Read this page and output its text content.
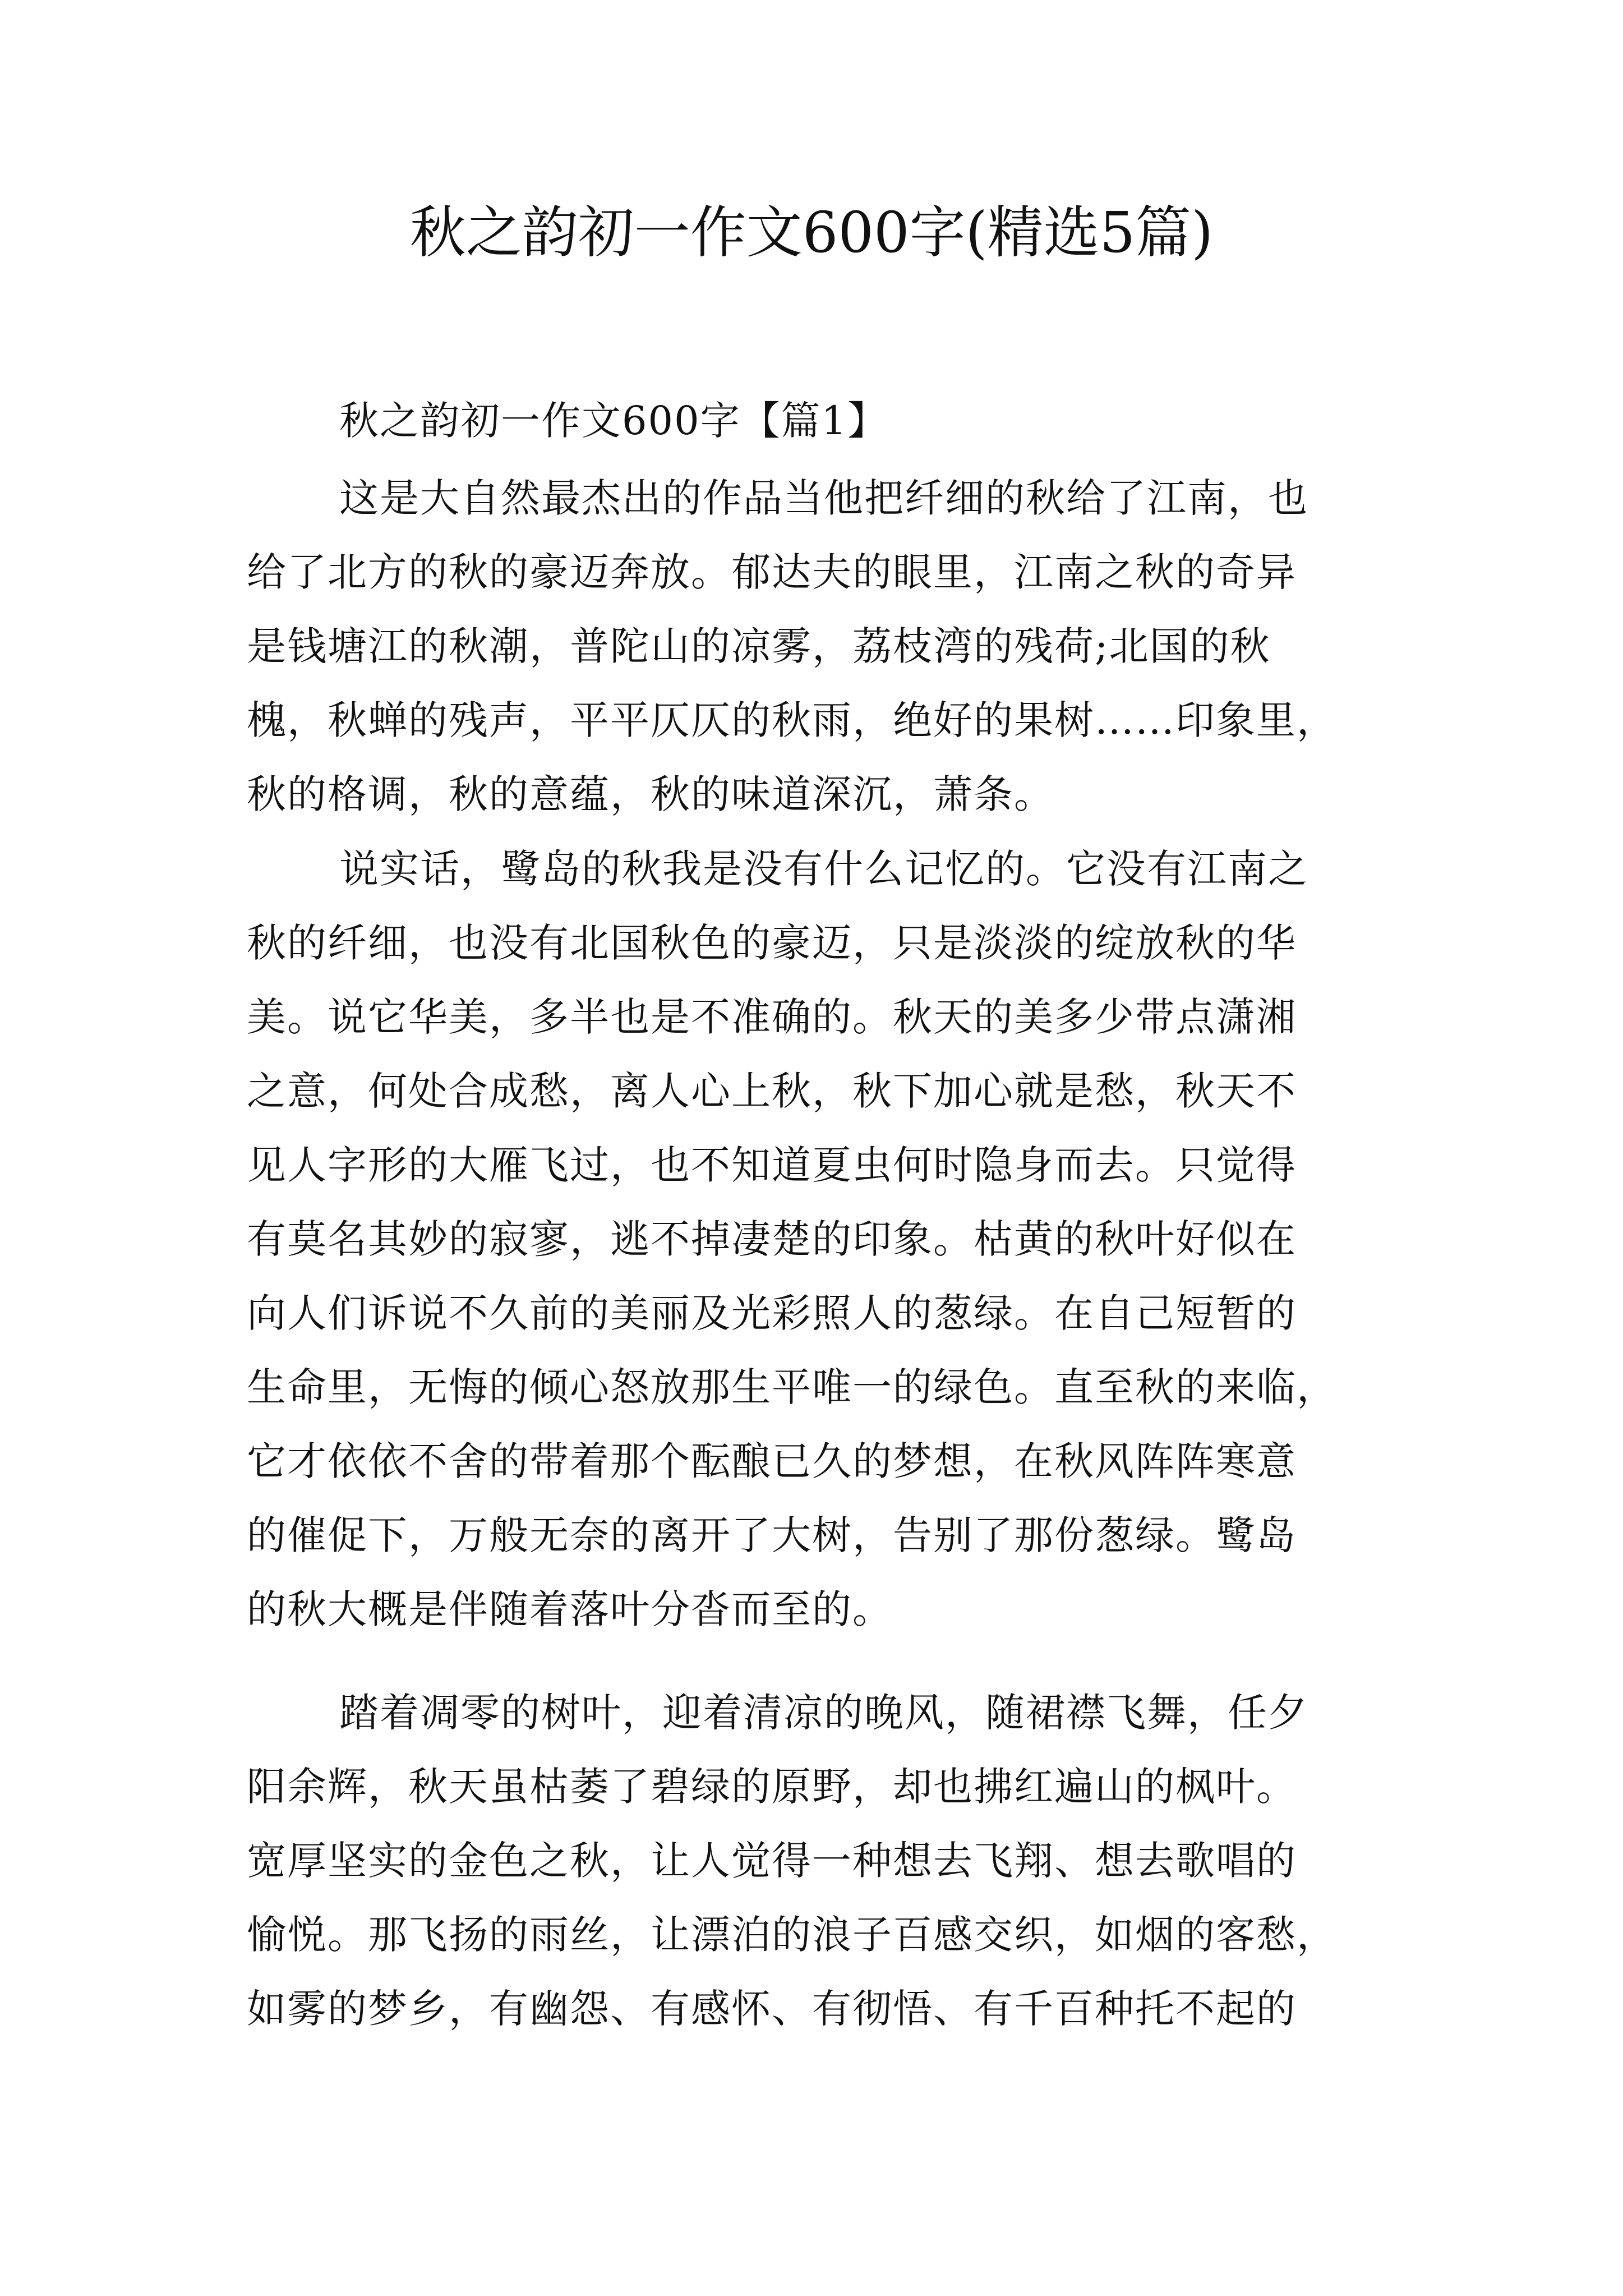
秋之韵初一作文600字(精选5篇)
秋之韵初一作文600字【篇1】
这是大自然最杰出的作品当他把纤细的秋给了江南，也
给了北方的秋的豪迈奔放。郁达夫的眼里，江南之秋的奇异
是钱塘江的秋潮，普陀山的凉雾，荔枝湾的残荷;北国的秋
槐，秋蝉的残声，平平仄仄的秋雨，绝好的果树……印象里，
秋的格调，秋的意蕴，秋的味道深沉，萧条。
说实话，鹭岛的秋我是没有什么记忆的。它没有江南之
秋的纤细，也没有北国秋色的豪迈，只是淡淡的绽放秋的华
美。说它华美，多半也是不准确的。秋天的美多少带点潇湘
之意，何处合成愁，离人心上秋，秋下加心就是愁，秋天不
见人字形的大雁飞过，也不知道夏虫何时隐身而去。只觉得
有莫名其妙的寂寥，逃不掉凄楚的印象。枯黄的秋叶好似在
向人们诉说不久前的美丽及光彩照人的葱绿。在自己短暂的
生命里，无悔的倾心怒放那生平唯一的绿色。直至秋的来临，
它才依依不舍的带着那个酝酿已久的梦想，在秋风阵阵寒意
的催促下，万般无奈的离开了大树，告别了那份葱绿。鹭岛
的秋大概是伴随着落叶分沓而至的。
踏着凋零的树叶，迎着清凉的晚风，随裙襟飞舞，任夕
阳余辉，秋天虽枯萎了碧绿的原野，却也拂红遍山的枫叶。
宽厚坚实的金色之秋，让人觉得一种想去飞翔、想去歌唱的
愉悦。那飞扬的雨丝，让漂泊的浪子百感交织，如烟的客愁，
如雾的梦乡，有幽怨、有感怀、有彻悟、有千百种托不起的
